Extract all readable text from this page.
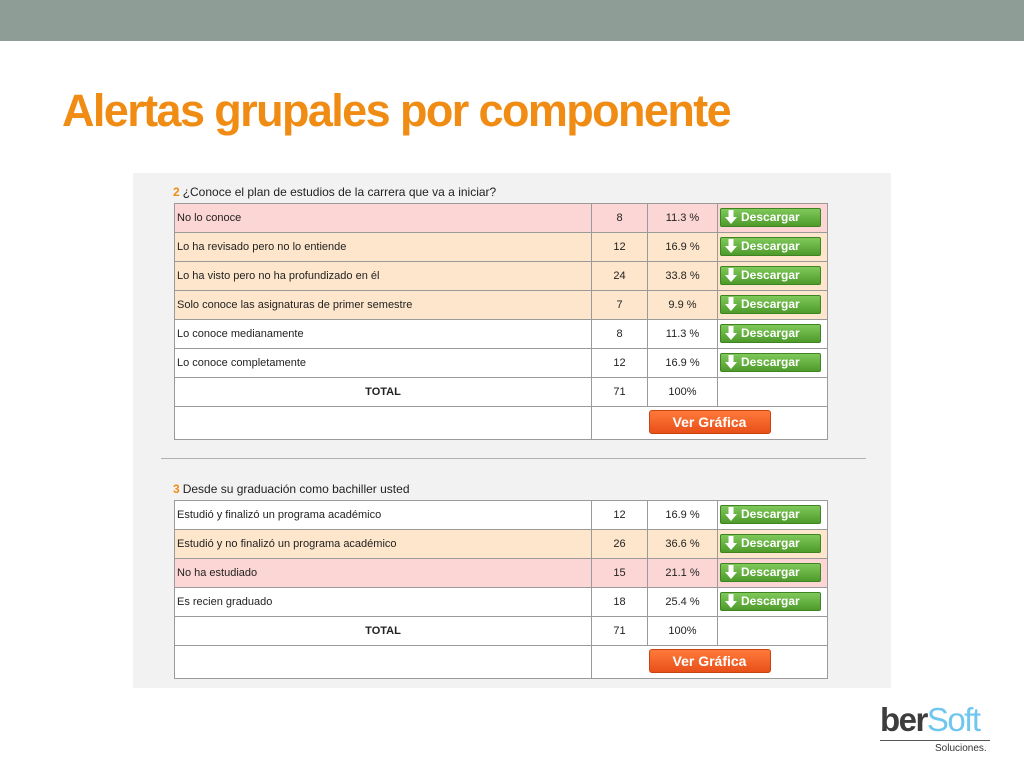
Alertas grupales por componente
2 ¿Conoce el plan de estudios de la carrera que va a iniciar?
No lo conoce	8	11.3 %	Descargar

Lo ha revisado pero no lo entiende	12	16.9 %	Descargar

Lo ha visto pero no ha profundizado en él	24	33.8 %	Descargar

Solo conoce las asignaturas de primer semestre	7	9.9 %	Descargar

Lo conoce medianamente	8	11.3 %	Descargar

Lo conoce completamente	12	16.9 %	Descargar

TOTAL	71	100%	
	Ver Gráfica		
3 Desde su graduación como bachiller usted
Estudió y finalizó un programa académico	12	16.9 %	Descargar

Estudió y no finalizó un programa académico	26	36.6 %	Descargar

No ha estudiado	15	21.1 %	Descargar

Es recien graduado	18	25.4 %	Descargar

TOTAL	71	100%	
	Ver Gráfica		
berSoft
Soluciones.
